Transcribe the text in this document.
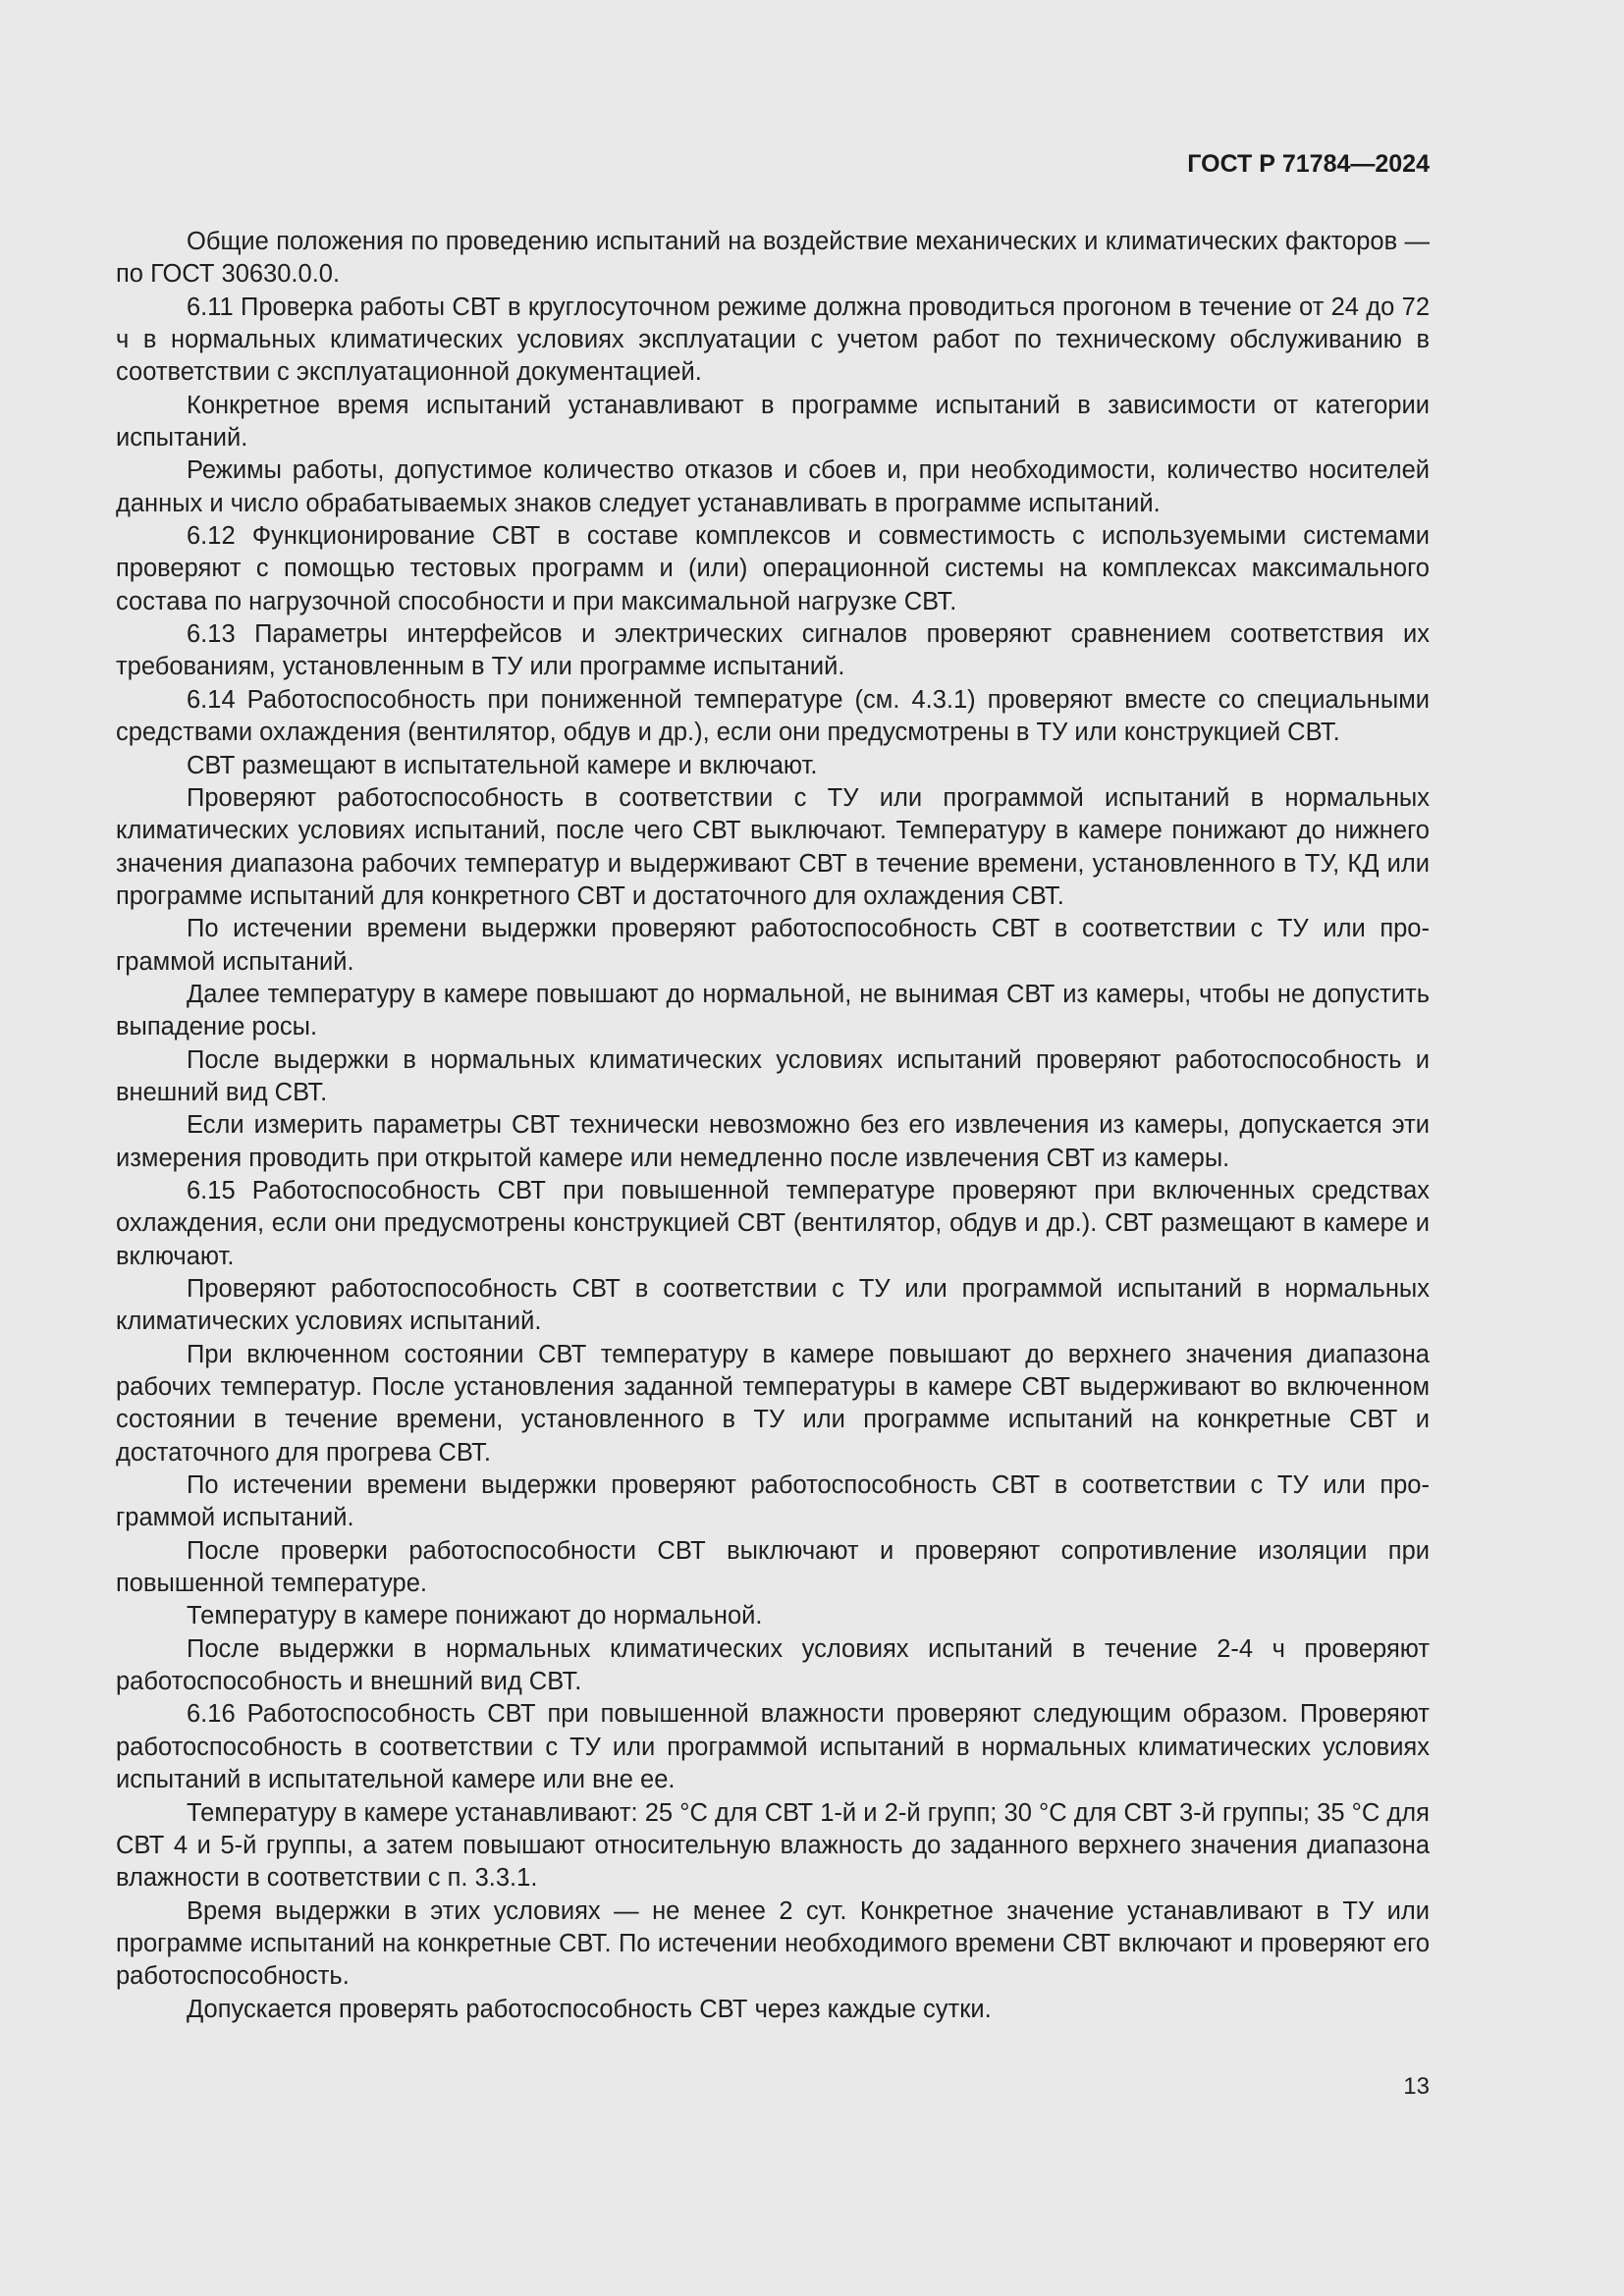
ГОСТ Р 71784—2024

Общие положения по проведению испытаний на воздействие механических и климатических факторов — по ГОСТ 30630.0.0.

6.11 Проверка работы СВТ в круглосуточном режиме должна проводиться прогоном в течение от 24 до 72 ч в нормальных климатических условиях эксплуатации с учетом работ по техническому обслуживанию в соответствии с эксплуатационной документацией.

Конкретное время испытаний устанавливают в программе испытаний в зависимости от категории испытаний.

Режимы работы, допустимое количество отказов и сбоев и, при необходимости, количество носителей данных и число обрабатываемых знаков следует устанавливать в программе испытаний.

6.12 Функционирование СВТ в составе комплексов и совместимость с используемыми системами проверяют с помощью тестовых программ и (или) операционной системы на комплексах максимального состава по нагрузочной способности и при максимальной нагрузке СВТ.

6.13 Параметры интерфейсов и электрических сигналов проверяют сравнением соответствия их требованиям, установленным в ТУ или программе испытаний.

6.14 Работоспособность при пониженной температуре (см. 4.3.1) проверяют вместе со специальными средствами охлаждения (вентилятор, обдув и др.), если они предусмотрены в ТУ или конструкцией СВТ.

СВТ размещают в испытательной камере и включают.

Проверяют работоспособность в соответствии с ТУ или программой испытаний в нормальных климатических условиях испытаний, после чего СВТ выключают. Температуру в камере понижают до нижнего значения диапазона рабочих температур и выдерживают СВТ в течение времени, установленного в ТУ, КД или программе испытаний для конкретного СВТ и достаточного для охлаждения СВТ.

По истечении времени выдержки проверяют работоспособность СВТ в соответствии с ТУ или программой испытаний.

Далее температуру в камере повышают до нормальной, не вынимая СВТ из камеры, чтобы не допустить выпадение росы.

После выдержки в нормальных климатических условиях испытаний проверяют работоспособность и внешний вид СВТ.

Если измерить параметры СВТ технически невозможно без его извлечения из камеры, допускается эти измерения проводить при открытой камере или немедленно после извлечения СВТ из камеры.

6.15 Работоспособность СВТ при повышенной температуре проверяют при включенных средствах охлаждения, если они предусмотрены конструкцией СВТ (вентилятор, обдув и др.). СВТ размещают в камере и включают.

Проверяют работоспособность СВТ в соответствии с ТУ или программой испытаний в нормальных климатических условиях испытаний.

При включенном состоянии СВТ температуру в камере повышают до верхнего значения диапазона рабочих температур. После установления заданной температуры в камере СВТ выдерживают во включенном состоянии в течение времени, установленного в ТУ или программе испытаний на конкретные СВТ и достаточного для прогрева СВТ.

По истечении времени выдержки проверяют работоспособность СВТ в соответствии с ТУ или программой испытаний.

После проверки работоспособности СВТ выключают и проверяют сопротивление изоляции при повышенной температуре.

Температуру в камере понижают до нормальной.

После выдержки в нормальных климатических условиях испытаний в течение 2-4 ч проверяют работоспособность и внешний вид СВТ.

6.16 Работоспособность СВТ при повышенной влажности проверяют следующим образом. Проверяют работоспособность в соответствии с ТУ или программой испытаний в нормальных климатических условиях испытаний в испытательной камере или вне ее.

Температуру в камере устанавливают: 25 °С для СВТ 1-й и 2-й групп; 30 °С для СВТ 3-й группы; 35 °С для СВТ 4 и 5-й группы, а затем повышают относительную влажность до заданного верхнего значения диапазона влажности в соответствии с п. 3.3.1.

Время выдержки в этих условиях — не менее 2 сут. Конкретное значение устанавливают в ТУ или программе испытаний на конкретные СВТ. По истечении необходимого времени СВТ включают и проверяют его работоспособность.

Допускается проверять работоспособность СВТ через каждые сутки.

13
